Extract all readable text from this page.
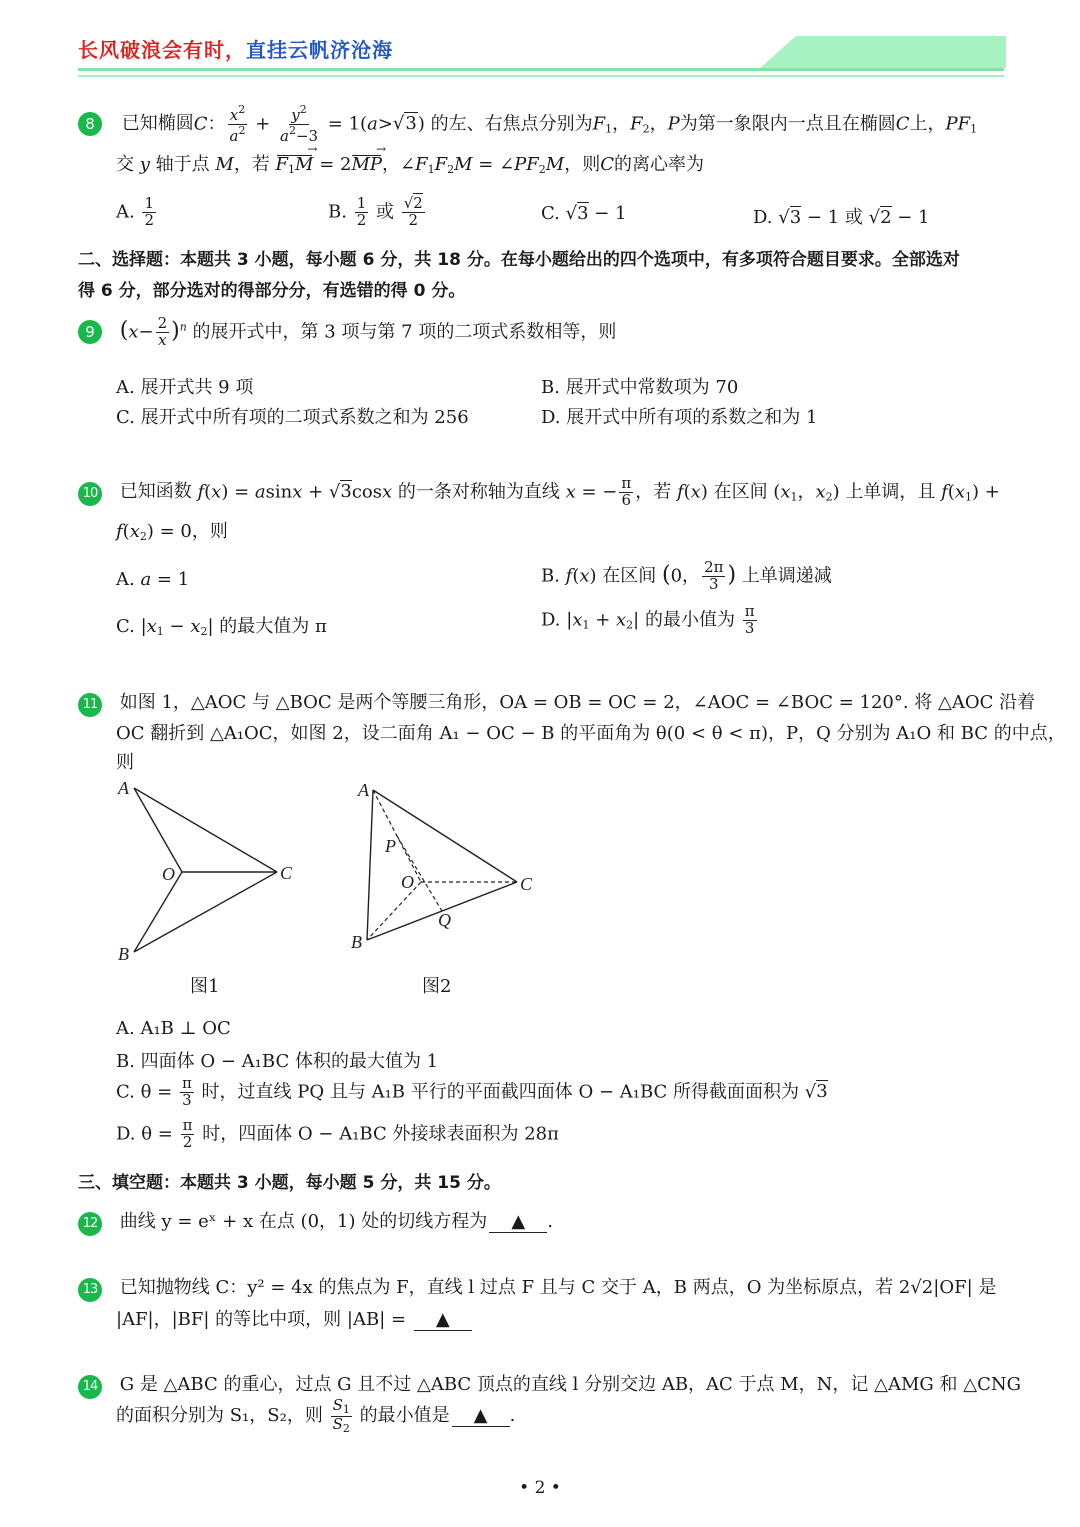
长风破浪会有时，直挂云帆济沧海
8 已知椭圆C： $\frac{x^2}{a^2} + \frac{y^2}{a^2-3} = 1(a>√3)$ 的左、右焦点分别为$F_1$，$F_2$，P为第一象限内一点且在椭圆C上，$PF_1$
交 y 轴于点 M，若 $F_1M$ → = 2MP →，$\angle F_1F_2M$ = $\angle PF_2M$，则C的离心率为
A. $\frac{1}{2}$	B. $\frac{1}{2}$ 或 $\frac{√2}{2}$	C. √3 − 1	D. √3 − 1 或 √2 − 1
二、选择题：本题共 3 小题，每小题 6 分，共 18 分。在每小题给出的四个选项中，有多项符合题目要求。全部选对
得 6 分，部分选对的得部分分，有选错的得 0 分。
9 $(x- \frac{2}{x} )^n$ 的展开式中，第 3 项与第 7 项的二项式系数相等，则
A. 展开式共 9 项	B. 展开式中常数项为 70
C. 展开式中所有项的二项式系数之和为 256	D. 展开式中所有项的系数之和为 1
10 已知函数 f(x) = asinx + √3cosx 的一条对称轴为直线 x = − $\frac{\pi}{6}$ ，若 f(x) 在区间 ($x_1$，$x_2$) 上单调，且 $f(x_1)$ +
$f(x_2) = 0$，则
A. a = 1	B. f(x) 在区间 (0， $\frac{2\pi}{3}$ ) 上单调递减
C. $|x_1 - x_2|$ 的最大值为 π	D. $|x_1 + x_2|$ 的最小值为 $\frac{\pi}{3}$
11 如图 1，△AOC 与 △BOC 是两个等腰三角形，OA = OB = OC = 2，∠AOC = ∠BOC = 120°. 将 △AOC 沿着
OC 翻折到 △A₁OC，如图 2，设二面角 A₁ − OC − B 的平面角为 θ(0 < θ < π)，P，Q 分别为 A₁O 和 BC 的中点，
则
A
O	C
B
图1
A
P
O	C
Q
B
图2
A. A₁B ⊥ OC
B. 四面体 O − A₁BC 体积的最大值为 1
C. $\theta = \frac{\pi}{3}$ 时，过直线 PQ 且与 A₁B 平行的平面截四面体 O − A₁BC 所得截面面积为 √3
D. $\theta = \frac{\pi}{2}$ 时，四面体 O − A₁BC 外接球表面积为 28π
三、填空题：本题共 3 小题，每小题 5 分，共 15 分。
12 曲线 y = eˣ + x 在点 (0，1) 处的切线方程为 ▲ .
13 已知抛物线 C：y² = 4x 的焦点为 F，直线 l 过点 F 且与 C 交于 A，B 两点，O 为坐标原点，若 2√2|OF| 是
|AF|，|BF| 的等比中项，则 |AB| = ▲
14 G 是 △ABC 的重心，过点 G 且不过 △ABC 顶点的直线 l 分别交边 AB，AC 于点 M，N，记 △AMG 和 △CNG
的面积分别为 S₁，S₂，则 $\frac{S_1}{S_2}$ 的最小值是 ▲ .
• 2 •
